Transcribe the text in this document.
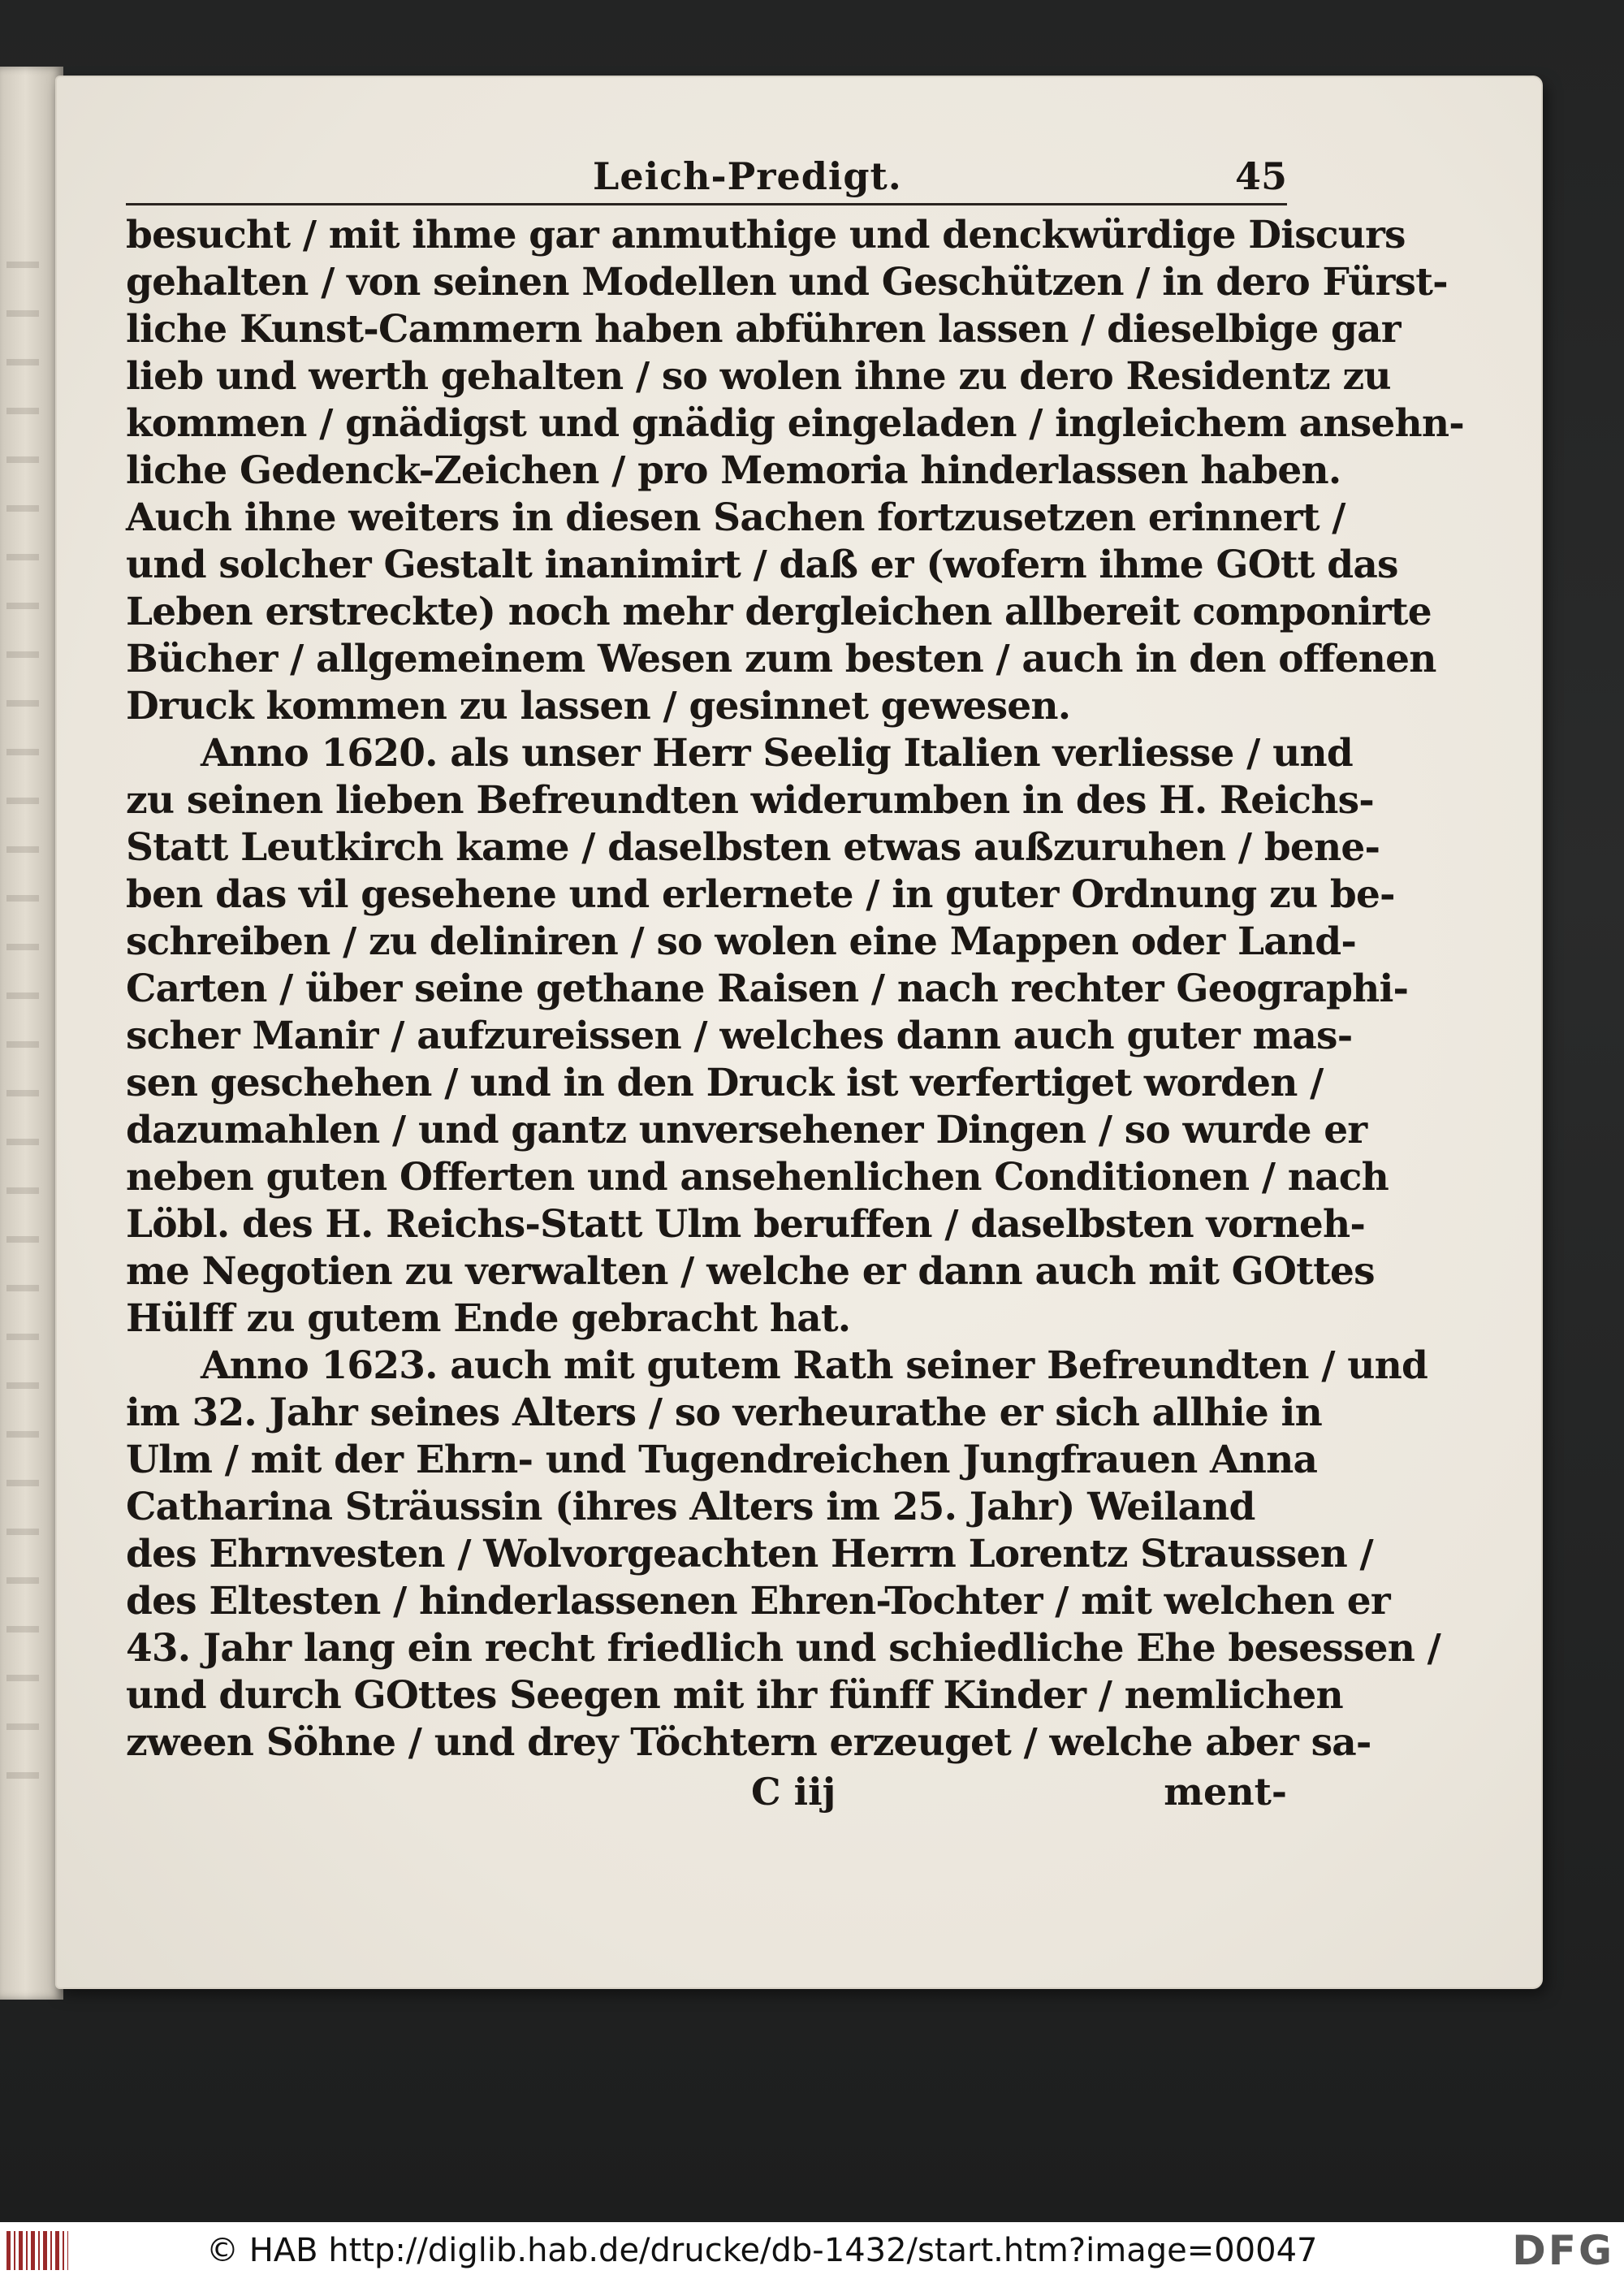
Leich-Predigt.	45
besucht / mit ihme gar anmuthige und denckwürdige Discurs
gehalten / von seinen Modellen und Geschützen / in dero Fürst-
liche Kunst-Cammern haben abführen lassen / dieselbige gar
lieb und werth gehalten / so wolen ihne zu dero Residentz zu
kommen / gnädigst und gnädig eingeladen / ingleichem ansehn-
liche Gedenck-Zeichen / pro Memoria hinderlassen haben.
Auch ihne weiters in diesen Sachen fortzusetzen erinnert /
und solcher Gestalt inanimirt / daß er (wofern ihme GOtt das
Leben erstreckte) noch mehr dergleichen allbereit componirte
Bücher / allgemeinem Wesen zum besten / auch in den offenen
Druck kommen zu lassen / gesinnet gewesen.
Anno 1620. als unser Herr Seelig Italien verliesse / und
zu seinen lieben Befreundten widerumben in des H. Reichs-
Statt Leutkirch kame / daselbsten etwas außzuruhen / bene-
ben das vil gesehene und erlernete / in guter Ordnung zu be-
schreiben / zu deliniren / so wolen eine Mappen oder Land-
Carten / über seine gethane Raisen / nach rechter Geographi-
scher Manir / aufzureissen / welches dann auch guter mas-
sen geschehen / und in den Druck ist verfertiget worden /
dazumahlen / und gantz unversehener Dingen / so wurde er
neben guten Offerten und ansehenlichen Conditionen / nach
Löbl. des H. Reichs-Statt Ulm beruffen / daselbsten vorneh-
me Negotien zu verwalten / welche er dann auch mit GOttes
Hülff zu gutem Ende gebracht hat.
Anno 1623. auch mit gutem Rath seiner Befreundten / und
im 32. Jahr seines Alters / so verheurathe er sich allhie in
Ulm / mit der Ehrn- und Tugendreichen Jungfrauen Anna
Catharina Sträussin (ihres Alters im 25. Jahr) Weiland
des Ehrnvesten / Wolvorgeachten Herrn Lorentz Straussen /
des Eltesten / hinderlassenen Ehren-Tochter / mit welchen er
43. Jahr lang ein recht friedlich und schiedliche Ehe besessen /
und durch GOttes Seegen mit ihr fünff Kinder / nemlichen
zween Söhne / und drey Töchtern erzeuget / welche aber sa-
C iij	ment-
© HAB http://diglib.hab.de/drucke/db-1432/start.htm?image=00047	DFG
